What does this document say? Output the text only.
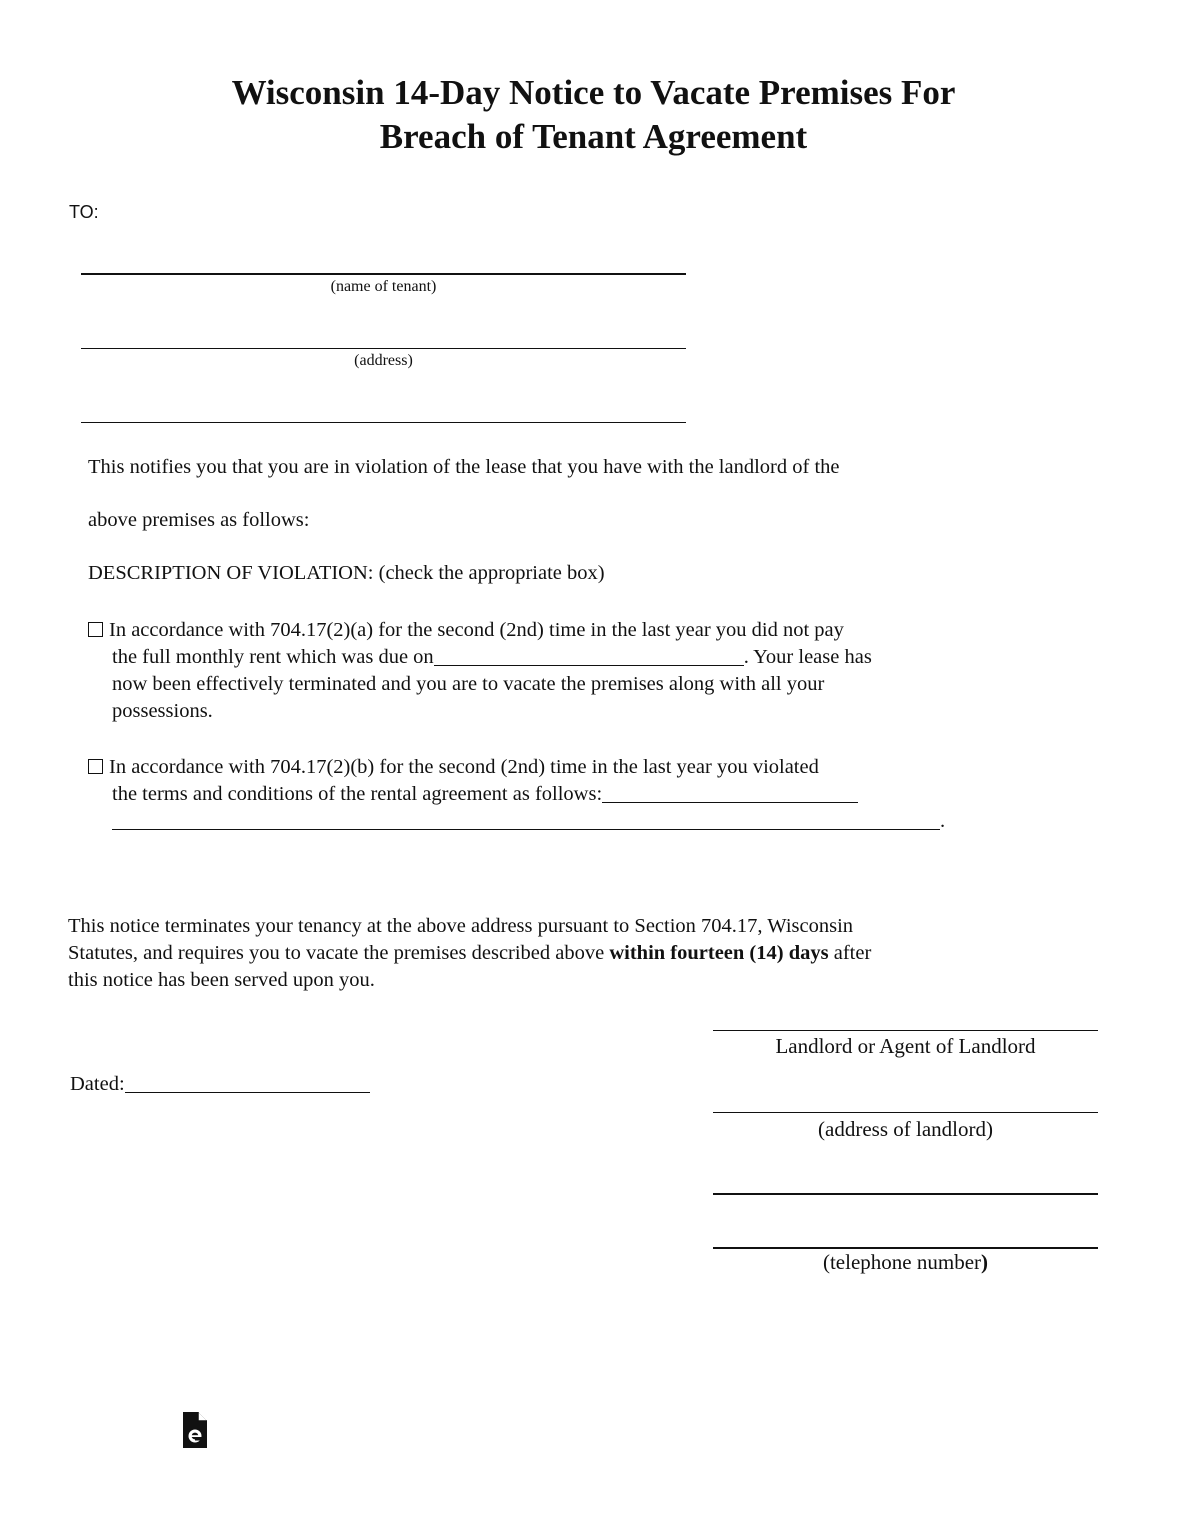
Wisconsin 14-Day Notice to Vacate Premises For
Breach of Tenant Agreement
TO:
(name of tenant)
(address)
This notifies you that you are in violation of the lease that you have with the landlord of the
above premises as follows:
DESCRIPTION OF VIOLATION: (check the appropriate box)
In accordance with 704.17(2)(a) for the second (2nd) time in the last year you did not pay
the full monthly rent which was due on	. Your lease has
now been effectively terminated and you are to vacate the premises along with all your
possessions.
In accordance with 704.17(2)(b) for the second (2nd) time in the last year you violated
the terms and conditions of the rental agreement as follows:
.
This notice terminates your tenancy at the above address pursuant to Section 704.17, Wisconsin
Statutes, and requires you to vacate the premises described above within fourteen (14) days after
this notice has been served upon you.
Dated:
Landlord or Agent of Landlord
(address of landlord)
(telephone number)
